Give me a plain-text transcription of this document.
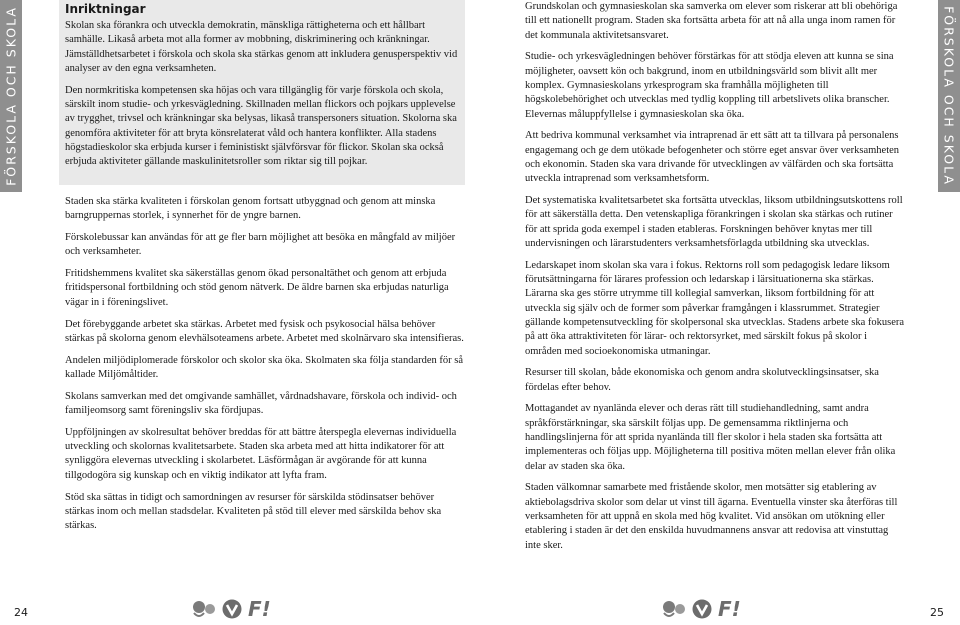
FÖRSKOLA OCH SKOLA	FÖRSKOLA OCH SKOLA
Inriktningar

Skolan ska förankra och utveckla demokratin, mänskliga rättigheterna och ett hållbart samhälle. Likaså arbeta mot alla former av mobbning, diskriminering och kränkningar. Jämställdhetsarbetet i förskola och skola ska stärkas genom att inkludera genusperspektiv vid analyser av den egna verksamheten.

Den normkritiska kompetensen ska höjas och vara tillgänglig för varje förskola och skola, särskilt inom studie- och yrkesvägledning. Skillnaden mellan flickors och pojkars upplevelse av trygghet, trivsel och kränkningar ska belysas, likaså transpersoners situation. Skolorna ska genomföra aktiviteter för att bryta könsrelaterat våld och hantera konflikter. Alla stadens högstadieskolor ska erbjuda kurser i feministiskt självförsvar för flickor. Skolan ska också erbjuda aktiviteter gällande maskulinitetsroller som riktar sig till pojkar.

Staden ska stärka kvaliteten i förskolan genom fortsatt utbyggnad och genom att minska barngruppernas storlek, i synnerhet för de yngre barnen.

Förskolebussar kan användas för att ge fler barn möjlighet att besöka en mångfald av miljöer och verksamheter.

Fritidshemmens kvalitet ska säkerställas genom ökad personaltäthet och genom att erbjuda fritidspersonal fortbildning och stöd genom nätverk. De äldre barnen ska erbjudas naturliga vägar in i föreningslivet.

Det förebyggande arbetet ska stärkas. Arbetet med fysisk och psykosocial hälsa behöver stärkas på skolorna genom elevhälsoteamens arbete. Arbetet med skolnärvaro ska intensifieras.

Andelen miljödiplomerade förskolor och skolor ska öka. Skolmaten ska följa standarden för så kallade Miljömåltider.

Skolans samverkan med det omgivande samhället, vårdnadshavare, förskola och individ- och familjeomsorg samt föreningsliv ska fördjupas.

Uppföljningen av skolresultat behöver breddas för att bättre återspegla elevernas individuella utveckling och skolornas kvalitetsarbete. Staden ska arbeta med att hitta indikatorer för att synliggöra elevernas utveckling i skolarbetet. Läsförmågan är avgörande för att kunna tillgodogöra sig kunskap och en viktig indikator att lyfta fram.

Stöd ska sättas in tidigt och samordningen av resurser för särskilda stödinsatser behöver stärkas inom och mellan stadsdelar. Kvaliteten på stöd till elever med särskilda behov ska stärkas.

Grundskolan och gymnasieskolan ska samverka om elever som riskerar att bli obehöriga till ett nationellt program. Staden ska fortsätta arbeta för att nå alla unga inom ramen för det kommunala aktivitetsansvaret.

Studie- och yrkesvägledningen behöver förstärkas för att stödja eleven att kunna se sina möjligheter, oavsett kön och bakgrund, inom en utbildningsvärld som blivit allt mer komplex. Gymnasieskolans yrkesprogram ska framhålla möjligheten till högskolebehörighet och utvecklas med tydlig koppling till arbetslivets olika branscher. Elevernas måluppfyllelse i gymnasieskolan ska öka.

Att bedriva kommunal verksamhet via intraprenad är ett sätt att ta tillvara på personalens engagemang och ge dem utökade befogenheter och större eget ansvar över verksamheten och ekonomin. Staden ska vara drivande för utvecklingen av välfärden och ska fortsätta utveckla intraprenad som verksamhetsform.

Det systematiska kvalitetsarbetet ska fortsätta utvecklas, liksom utbildningsutskottens roll för att säkerställa detta. Den vetenskapliga förankringen i skolan ska stärkas och rutiner för att sprida goda exempel i staden etableras. Forskningen behöver knytas mer till undervisningen och lärarstudenters verksamhetsförlagda utbildning ska utvecklas.

Ledarskapet inom skolan ska vara i fokus. Rektorns roll som pedagogisk ledare liksom förutsättningarna för lärares profession och ledarskap i lärsituationerna ska stärkas. Lärarna ska ges större utrymme till kollegial samverkan, liksom fortbildning för att utveckla sig själv och de former som påverkar framgången i klassrummet. Strategier gällande kompetensutveckling för skolpersonal ska utvecklas. Stadens arbete ska fokusera på att öka attraktiviteten för lärar- och rektorsyrket, med särskilt fokus på skolor i områden med socioekonomiska utmaningar.

Resurser till skolan, både ekonomiska och genom andra skolutvecklingsinsatser, ska fördelas efter behov.

Mottagandet av nyanlända elever och deras rätt till studiehandledning, samt andra språkförstärkningar, ska särskilt följas upp. De gemensamma riktlinjerna och handlingslinjerna för att sprida nyanlända till fler skolor i hela staden ska fortsätta att implementeras och följas upp. Möjligheterna till positiva möten mellan elever från olika delar av staden ska öka.

Staden välkomnar samarbete med fristående skolor, men motsätter sig etablering av aktiebolagsdriva skolor som delar ut vinst till ägarna. Eventuella vinster ska återföras till verksamheten för att uppnå en skola med hög kvalitet. Vid ansökan om utökning eller etablering i staden är det den enskilda huvudmannens ansvar att redovisa att vinstuttag inte sker.

24	25
F!	F!
